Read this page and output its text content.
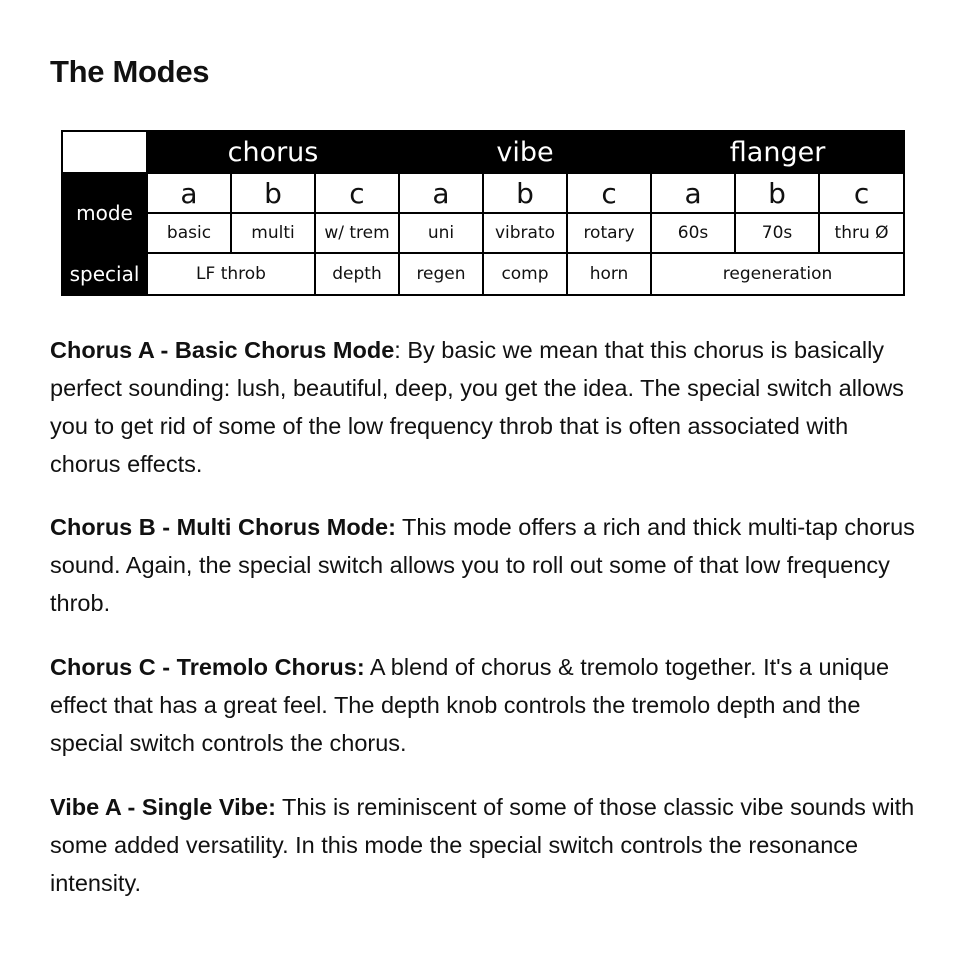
The Modes
	chorus			vibe			flanger		
mode	a	b	c	a	b	c	a	b	c
	basic	multi	w/ trem	uni	vibrato	rotary	60s	70s	thru Ø
special	LF throb		depth	regen	comp	horn	regeneration		

Chorus A - Basic Chorus Mode: By basic we mean that this chorus is basically perfect sounding: lush, beautiful, deep, you get the idea. The special switch allows you to get rid of some of the low frequency throb that is often associated with chorus effects.

Chorus B - Multi Chorus Mode: This mode offers a rich and thick multi-tap chorus sound. Again, the special switch allows you to roll out some of that low frequency throb.

Chorus C - Tremolo Chorus: A blend of chorus & tremolo together. It's a unique effect that has a great feel. The depth knob controls the tremolo depth and the special switch controls the chorus.

Vibe A - Single Vibe: This is reminiscent of some of those classic vibe sounds with some added versatility. In this mode the special switch controls the resonance intensity.
